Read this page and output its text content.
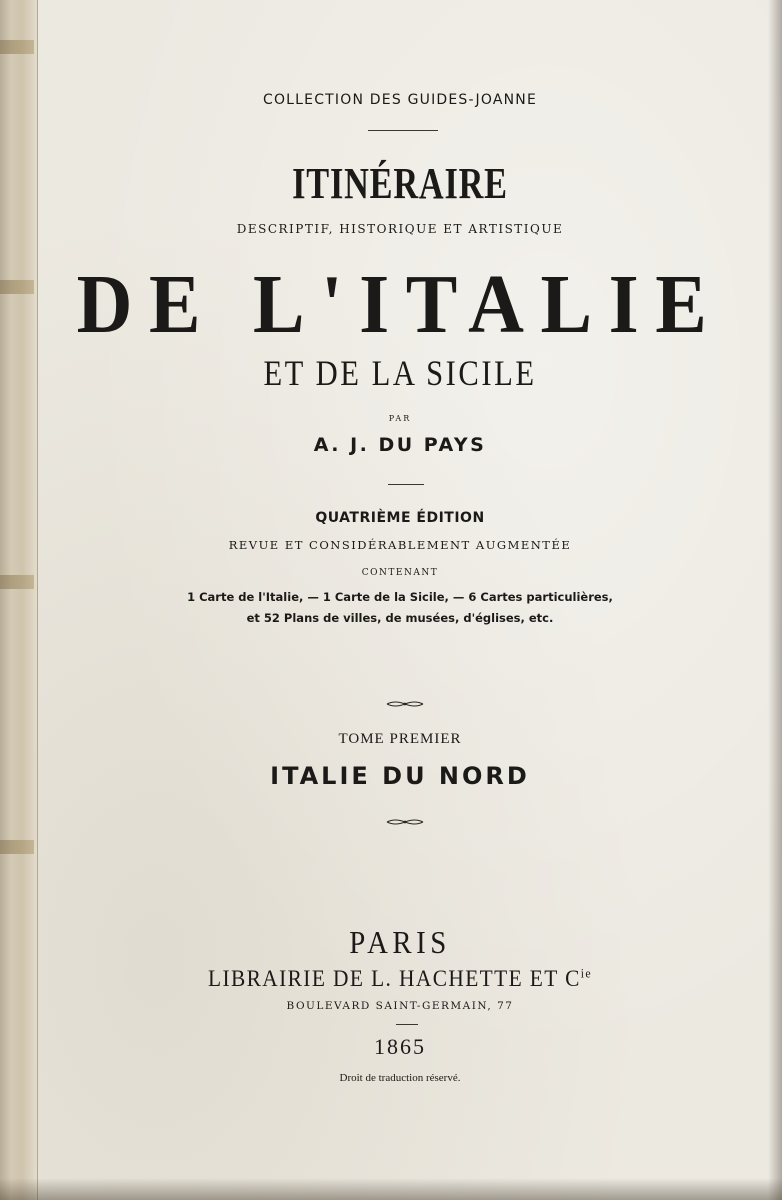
COLLECTION DES GUIDES-JOANNE
ITINÉRAIRE
DESCRIPTIF, HISTORIQUE ET ARTISTIQUE
DE L'ITALIE
ET DE LA SICILE
PAR
A. J. DU PAYS
QUATRIÈME ÉDITION
REVUE ET CONSIDÉRABLEMENT AUGMENTÉE
CONTENANT
1 Carte de l'Italie, — 1 Carte de la Sicile, — 6 Cartes particulières,
et 52 Plans de villes, de musées, d'églises, etc.
TOME PREMIER
ITALIE DU NORD
PARIS
LIBRAIRIE DE L. HACHETTE ET $C^{ie}$
BOULEVARD SAINT-GERMAIN, 77
1865
Droit de traduction réservé.
